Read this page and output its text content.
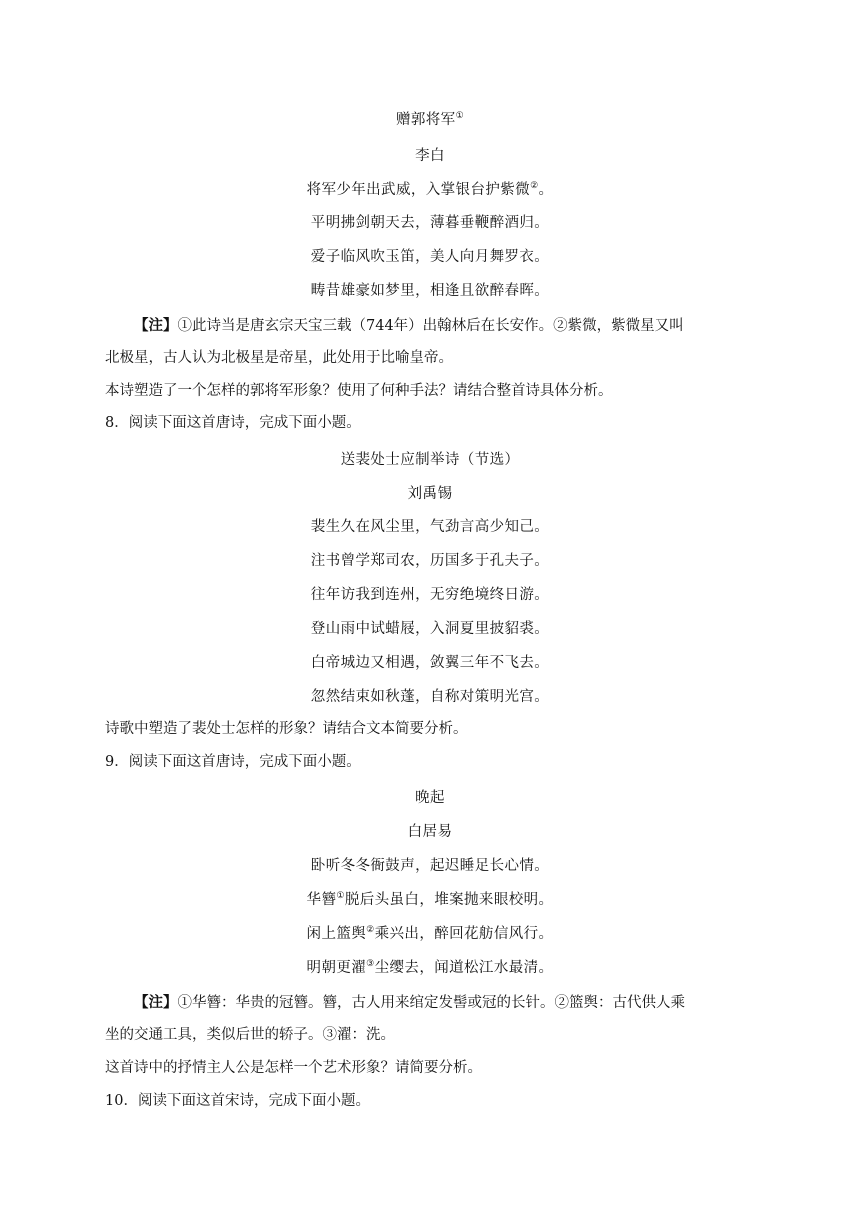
赠郭将军①
李白
将军少年出武威，入掌银台护紫微②。
平明拂剑朝天去，薄暮垂鞭醉酒归。
爱子临风吹玉笛，美人向月舞罗衣。
畴昔雄豪如梦里，相逢且欲醉春晖。
【注】①此诗当是唐玄宗天宝三载（744年）出翰林后在长安作。②紫微，紫微星又叫
北极星，古人认为北极星是帝星，此处用于比喻皇帝。
本诗塑造了一个怎样的郭将军形象？使用了何种手法？请结合整首诗具体分析。
8．阅读下面这首唐诗，完成下面小题。
送裴处士应制举诗（节选）
刘禹锡
裴生久在风尘里，气劲言高少知己。
注书曾学郑司农，历国多于孔夫子。
往年访我到连州，无穷绝境终日游。
登山雨中试蜡屐，入洞夏里披貂裘。
白帝城边又相遇，敛翼三年不飞去。
忽然结束如秋蓬，自称对策明光宫。
诗歌中塑造了裴处士怎样的形象？请结合文本简要分析。
9．阅读下面这首唐诗，完成下面小题。
晚起
白居易
卧听冬冬衙鼓声，起迟睡足长心情。
华簪①脱后头虽白，堆案抛来眼校明。
闲上篮舆②乘兴出，醉回花舫信风行。
明朝更濯③尘缨去，闻道松江水最清。
【注】①华簪：华贵的冠簪。簪，古人用来绾定发髻或冠的长针。②篮舆：古代供人乘
坐的交通工具，类似后世的轿子。③濯：洗。
这首诗中的抒情主人公是怎样一个艺术形象？请简要分析。
10．阅读下面这首宋诗，完成下面小题。
